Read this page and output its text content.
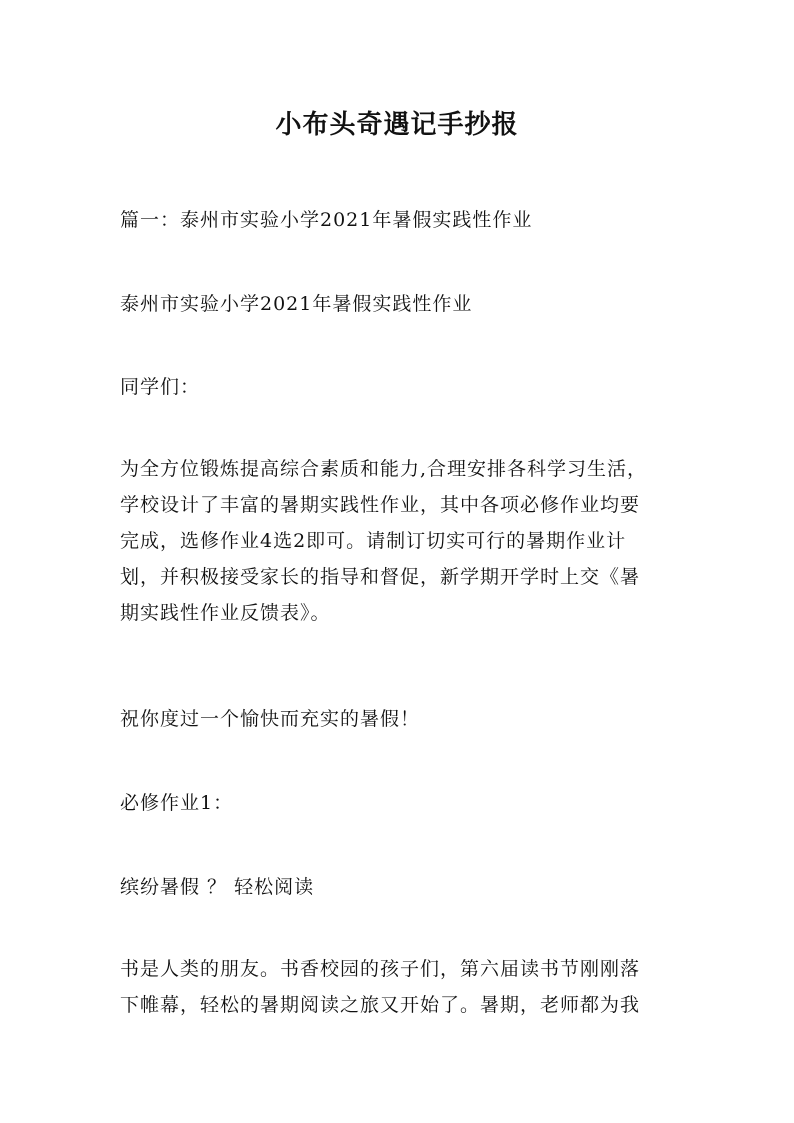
小布头奇遇记手抄报
篇一：泰州市实验小学2021年暑假实践性作业
泰州市实验小学2021年暑假实践性作业
同学们：
为全方位锻炼提高综合素质和能力,合理安排各科学习生活，
学校设计了丰富的暑期实践性作业，其中各项必修作业均要
完成，选修作业4选2即可。请制订切实可行的暑期作业计
划，并积极接受家长的指导和督促，新学期开学时上交《暑
期实践性作业反馈表》。
祝你度过一个愉快而充实的暑假！
必修作业1：
缤纷暑假 ？ 轻松阅读
书是人类的朋友。书香校园的孩子们，第六届读书节刚刚落
下帷幕，轻松的暑期阅读之旅又开始了。暑期，老师都为我
